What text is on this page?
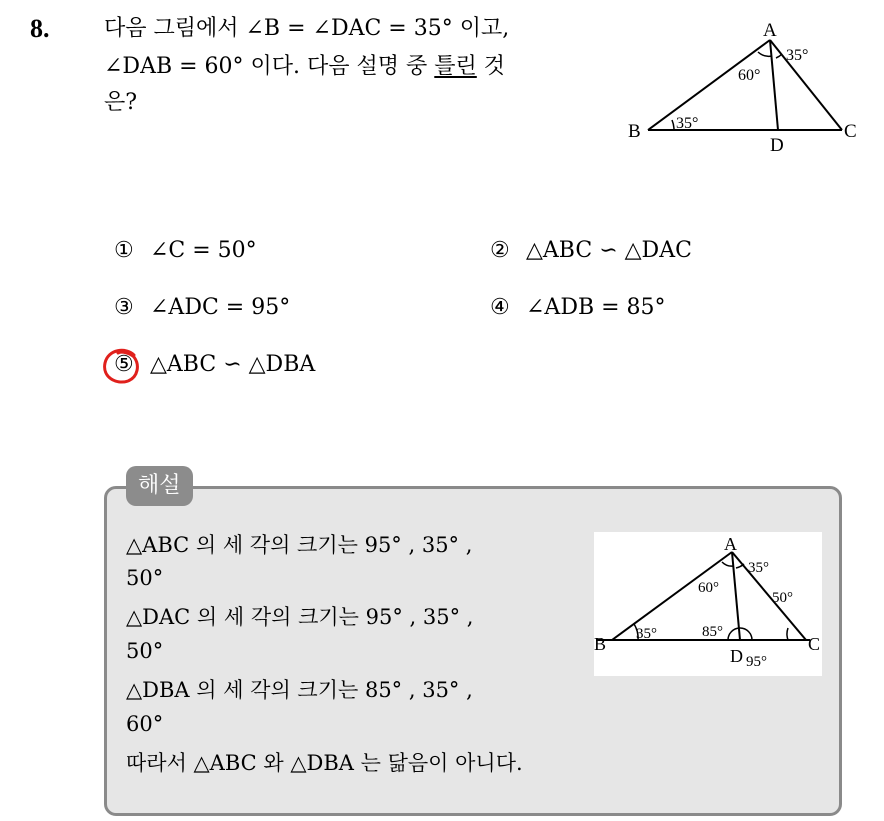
8. 다음 그림에서 ∠B = ∠DAC = 35° 이고,
∠DAB = 60° 이다. 다음 설명 중 틀린 것
은?
A
B	C
D
35°
60°
35°
① ∠C = 50°	② △ABC ∽ △DAC
③ ∠ADC = 95°	④ ∠ADB = 85°
⑤ △ABC ∽ △DBA
해설
△ABC 의 세 각의 크기는 95° , 35° ,
50°
△DAC 의 세 각의 크기는 95° , 35° ,
50°
△DBA 의 세 각의 크기는 85° , 35° ,
60°
따라서 △ABC 와 △DBA 는 닮음이 아니다.
A
B	C
D
35°
60°
35°
50°
85°
95°
